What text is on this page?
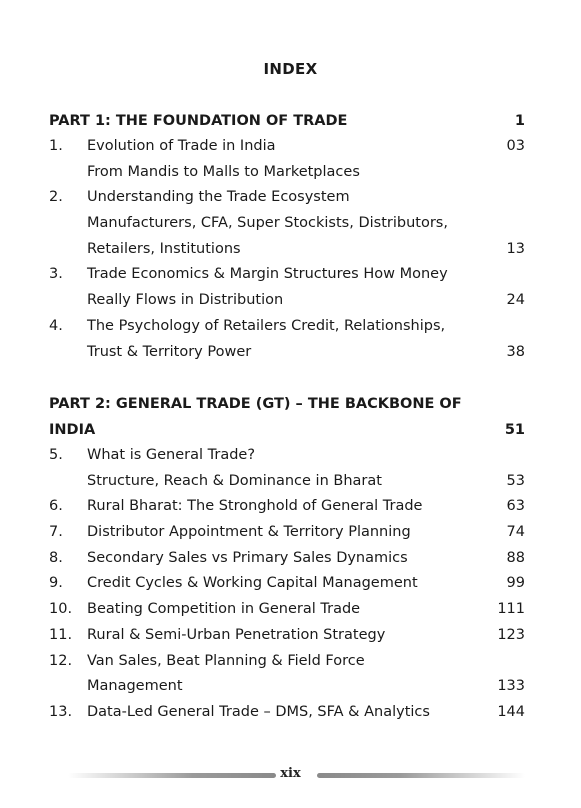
INDEX
PART 1: THE FOUNDATION OF TRADE	1
1. Evolution of Trade in India	03
From Mandis to Malls to Marketplaces
2. Understanding the Trade Ecosystem
Manufacturers, CFA, Super Stockists, Distributors,
Retailers, Institutions	13
3. Trade Economics & Margin Structures How Money
Really Flows in Distribution	24
4. The Psychology of Retailers Credit, Relationships,
Trust & Territory Power	38
PART 2: GENERAL TRADE (GT) – THE BACKBONE OF
INDIA	51
5. What is General Trade?
Structure, Reach & Dominance in Bharat	53
6. Rural Bharat: The Stronghold of General Trade	63
7. Distributor Appointment & Territory Planning	74
8. Secondary Sales vs Primary Sales Dynamics	88
9. Credit Cycles & Working Capital Management	99
10. Beating Competition in General Trade	111
11. Rural & Semi-Urban Penetration Strategy	123
12. Van Sales, Beat Planning & Field Force
Management	133
13. Data-Led General Trade – DMS, SFA & Analytics	144
xix
